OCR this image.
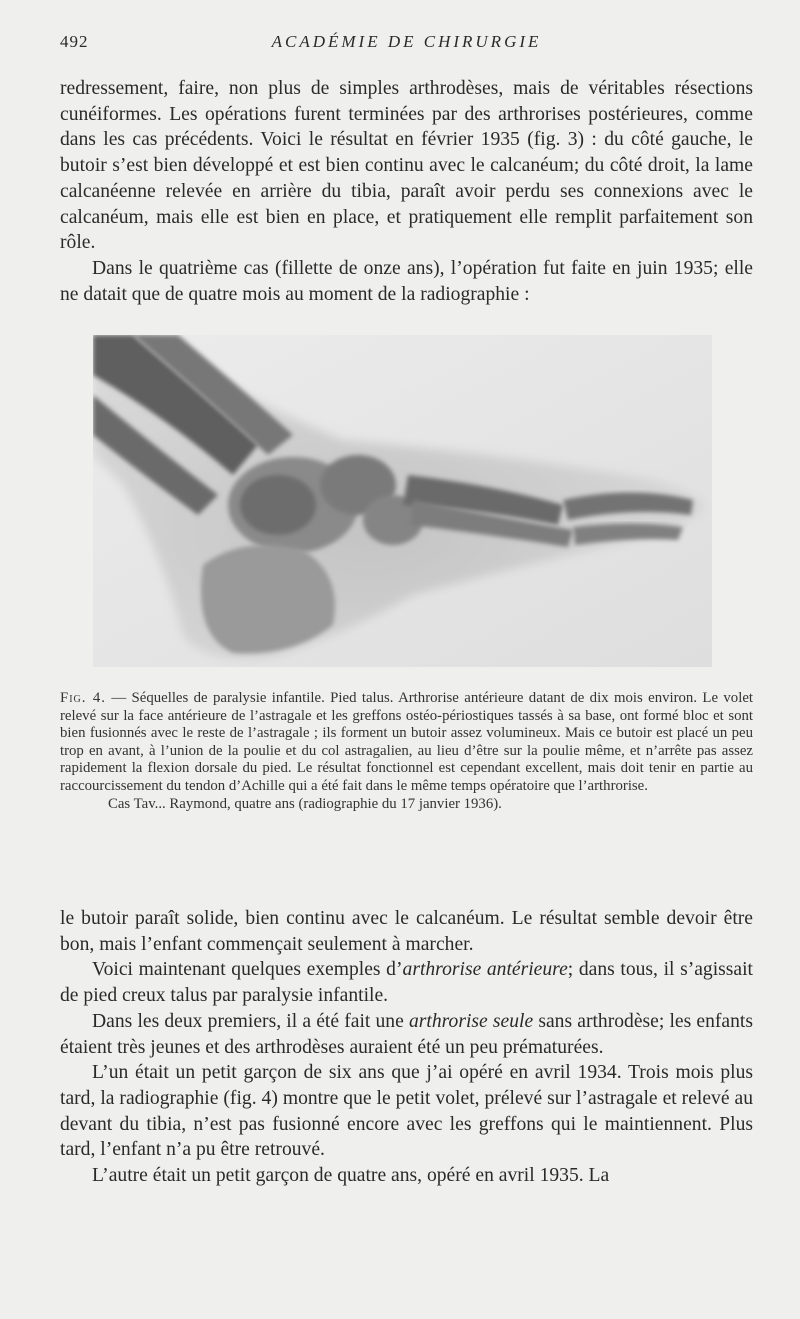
492	ACADÉMIE DE CHIRURGIE

redressement, faire, non plus de simples arthrodèses, mais de véritables résections cunéiformes. Les opérations furent terminées par des arthrorises postérieures, comme dans les cas précédents. Voici le résultat en février 1935 (fig. 3) : du côté gauche, le butoir s’est bien développé et est bien continu avec le calcanéum; du côté droit, la lame calcanéenne relevée en arrière du tibia, paraît avoir perdu ses connexions avec le calcanéum, mais elle est bien en place, et pratiquement elle remplit parfaitement son rôle.

Dans le quatrième cas (fillette de onze ans), l’opération fut faite en juin 1935; elle ne datait que de quatre mois au moment de la radiographie :

Fig. 4. — Séquelles de paralysie infantile. Pied talus. Arthrorise antérieure datant de dix mois environ. Le volet relevé sur la face antérieure de l’astragale et les greffons ostéo-périostiques tassés à sa base, ont formé bloc et sont bien fusionnés avec le reste de l’astragale ; ils forment un butoir assez volumineux. Mais ce butoir est placé un peu trop en avant, à l’union de la poulie et du col astragalien, au lieu d’être sur la poulie même, et n’arrête pas assez rapidement la flexion dorsale du pied. Le résultat fonctionnel est cependant excellent, mais doit tenir en partie au raccourcissement du tendon d’Achille qui a été fait dans le même temps opératoire que l’arthrorise.

Cas Tav... Raymond, quatre ans (radiographie du 17 janvier 1936).

le butoir paraît solide, bien continu avec le calcanéum. Le résultat semble devoir être bon, mais l’enfant commençait seulement à marcher.

Voici maintenant quelques exemples d’arthrorise antérieure; dans tous, il s’agissait de pied creux talus par paralysie infantile.

Dans les deux premiers, il a été fait une arthrorise seule sans arthrodèse; les enfants étaient très jeunes et des arthrodèses auraient été un peu prématurées.

L’un était un petit garçon de six ans que j’ai opéré en avril 1934. Trois mois plus tard, la radiographie (fig. 4) montre que le petit volet, prélevé sur l’astragale et relevé au devant du tibia, n’est pas fusionné encore avec les greffons qui le maintiennent. Plus tard, l’enfant n’a pu être retrouvé.

L’autre était un petit garçon de quatre ans, opéré en avril 1935. La
